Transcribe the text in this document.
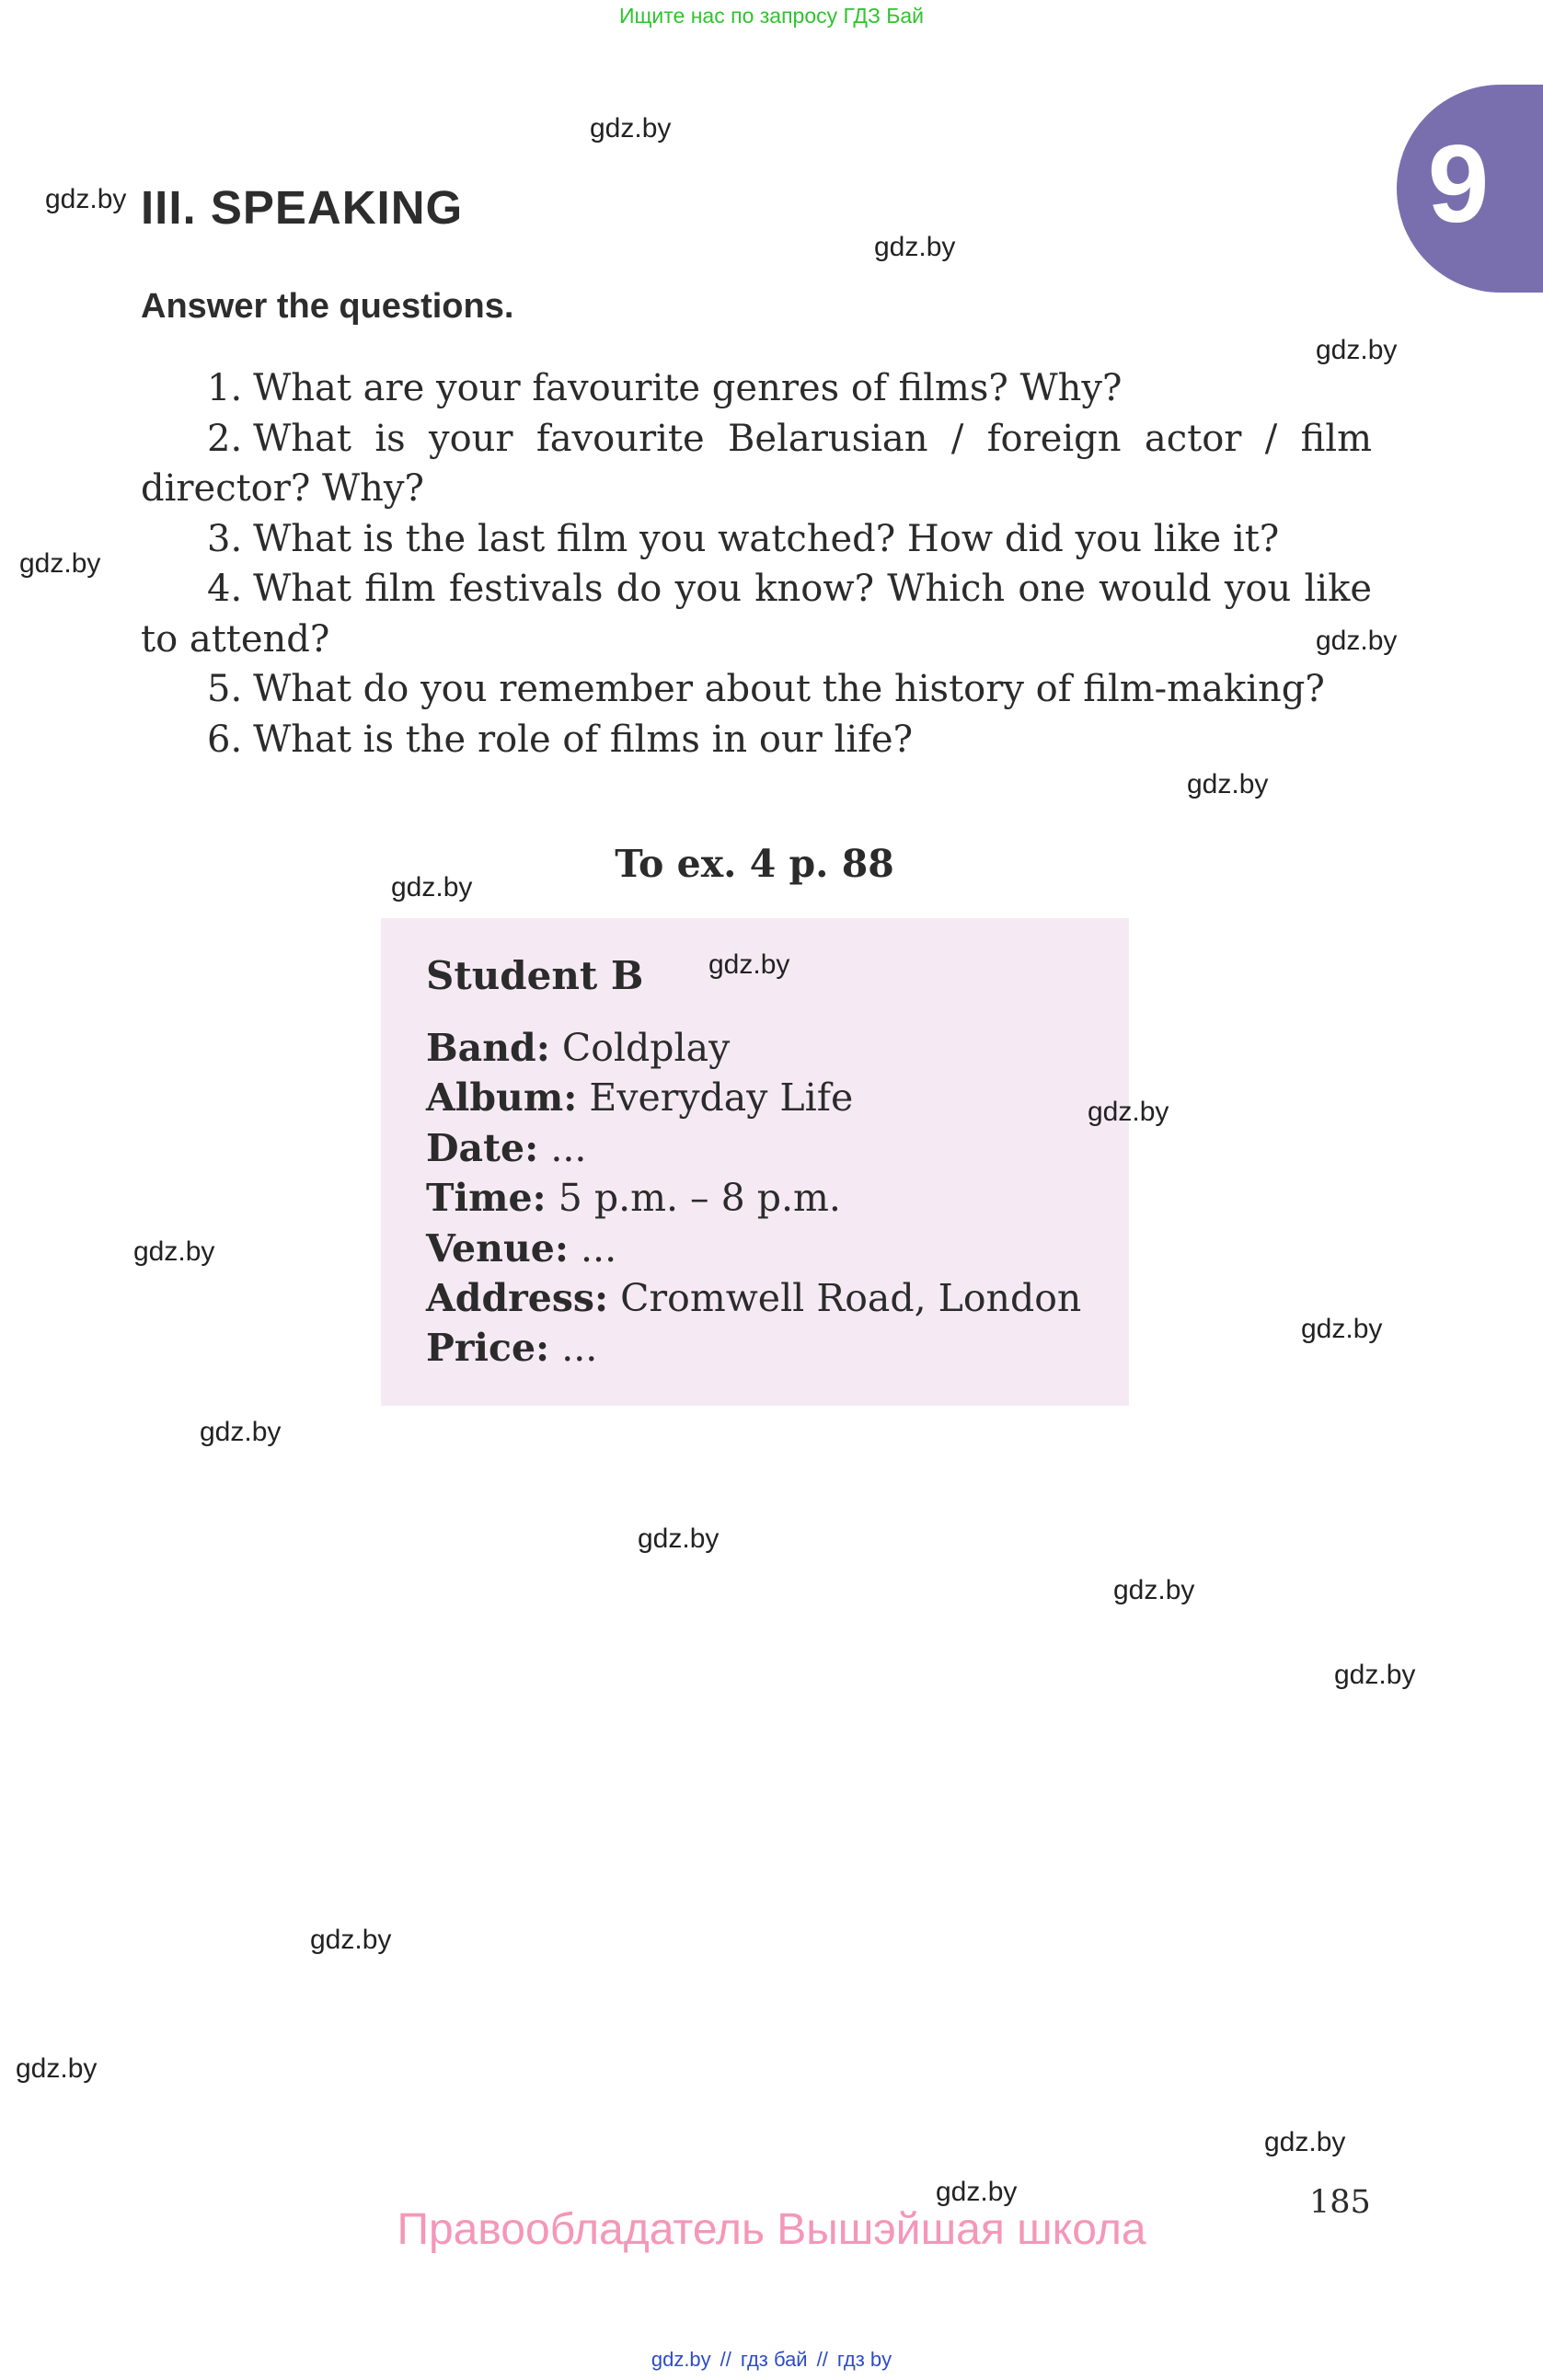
Ищите нас по запросу ГДЗ Бай
9
III. SPEAKING
Answer the questions.
1. What are your favourite genres of films? Why?
2. What is your favourite Belarusian / foreign actor / film director? Why?
3. What is the last film you watched? How did you like it?
4. What film festivals do you know? Which one would you like to attend?
5. What do you remember about the history of film-making?
6. What is the role of films in our life?
To ex. 4 p. 88
Student B
Band: Coldplay
Album: Everyday Life
Date: ...
Time: 5 p.m. – 8 p.m.
Venue: ...
Address: Cromwell Road, London
Price: ...
gdz.by
gdz.by
gdz.by
gdz.by
gdz.by
gdz.by
gdz.by
gdz.by
gdz.by
gdz.by
gdz.by
gdz.by
gdz.by
gdz.by
gdz.by
gdz.by
gdz.by
gdz.by
gdz.by
gdz.by	185
Правообладатель Вышэйшая школа
gdz.by // гдз бай // гдз by
